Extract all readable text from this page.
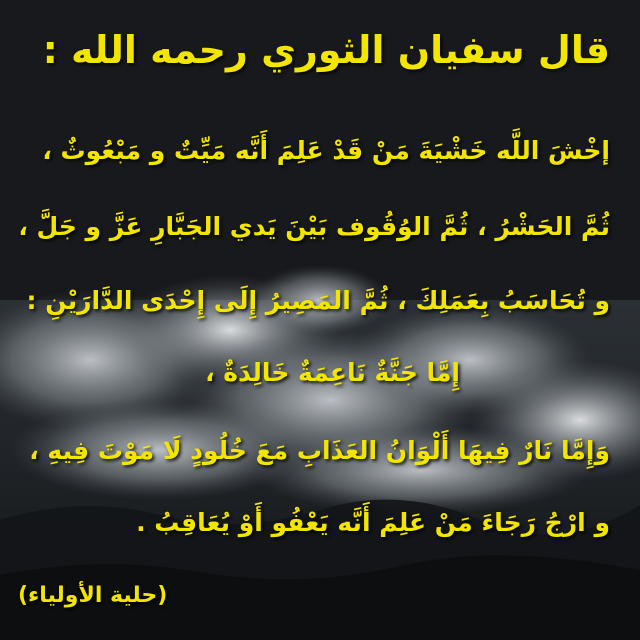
قال سفيان الثوري رحمه الله :
إخْشَ اللَّه خَشْيَةَ مَنْ قَدْ عَلِمَ أَنَّه مَيِّتٌ و مَبْعُوثٌ ،
ثُمَّ الحَشْرُ ، ثُمَّ الوُقُوف بَيْنَ يَدي الجَبَّارِ عَزَّ و جَلَّ ،
و تُحَاسَبُ بِعَمَلِكَ ، ثُمَّ المَصِيرُ إِلَى إِحْدَى الدَّارَيْنِ :
إِمَّا جَنَّةٌ نَاعِمَةٌ خَالِدَةٌ ،
وَإِمَّا نَارٌ فِيهَا أَلْوَانُ العَذَابِ مَعَ خُلُودٍ لَا مَوْتَ فِيهِ ،
و ارْجُ رَجَاءَ مَنْ عَلِمَ أَنَّه يَعْفُو أَوْ يُعَاقِبُ .
(حلية الأولياء)
